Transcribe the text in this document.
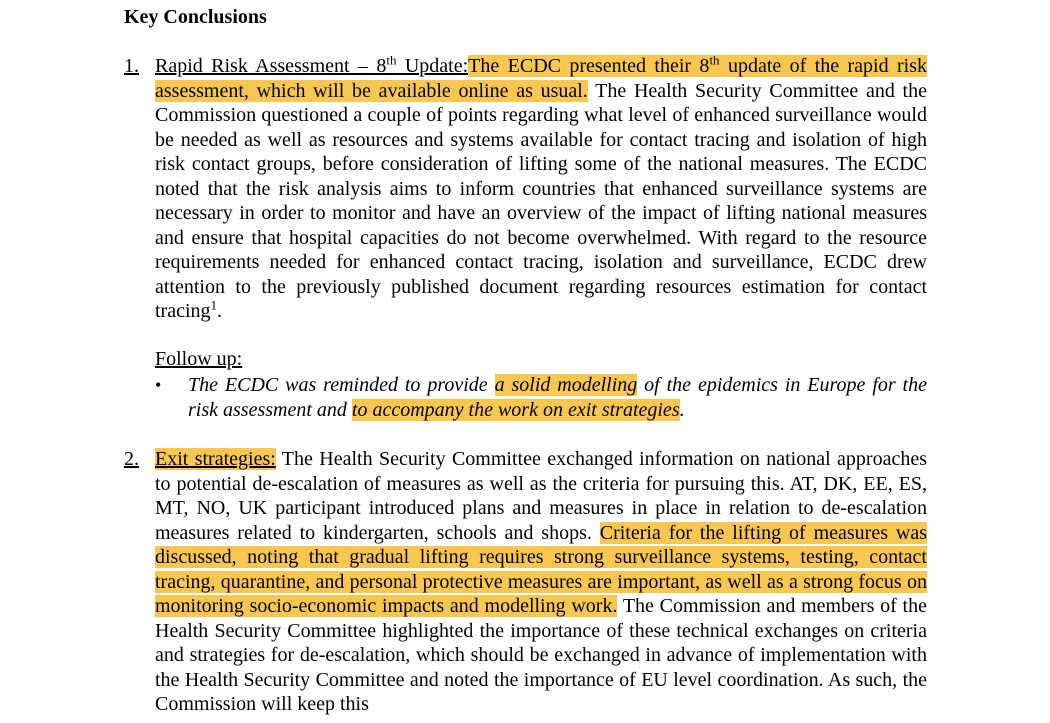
Key Conclusions
1. Rapid Risk Assessment – 8th Update:The ECDC presented their 8th update of the rapid risk assessment, which will be available online as usual. The Health Security Committee and the Commission questioned a couple of points regarding what level of enhanced surveillance would be needed as well as resources and systems available for contact tracing and isolation of high risk contact groups, before consideration of lifting some of the national measures. The ECDC noted that the risk analysis aims to inform countries that enhanced surveillance systems are necessary in order to monitor and have an overview of the impact of lifting national measures and ensure that hospital capacities do not become overwhelmed. With regard to the resource requirements needed for enhanced contact tracing, isolation and surveillance, ECDC drew attention to the previously published document regarding resources estimation for contact tracing$^1$.
Follow up:
• The ECDC was reminded to provide a solid modelling of the epidemics in Europe for the risk assessment and to accompany the work on exit strategies.
2. Exit strategies: The Health Security Committee exchanged information on national approaches to potential de-escalation of measures as well as the criteria for pursuing this. AT, DK, EE, ES, MT, NO, UK participant introduced plans and measures in place in relation to de-escalation measures related to kindergarten, schools and shops. Criteria for the lifting of measures was discussed, noting that gradual lifting requires strong surveillance systems, testing, contact tracing, quarantine, and personal protective measures are important, as well as a strong focus on monitoring socio-economic impacts and modelling work. The Commission and members of the Health Security Committee highlighted the importance of these technical exchanges on criteria and strategies for de-escalation, which should be exchanged in advance of implementation with the Health Security Committee and noted the importance of EU level coordination. As such, the Commission will keep this
